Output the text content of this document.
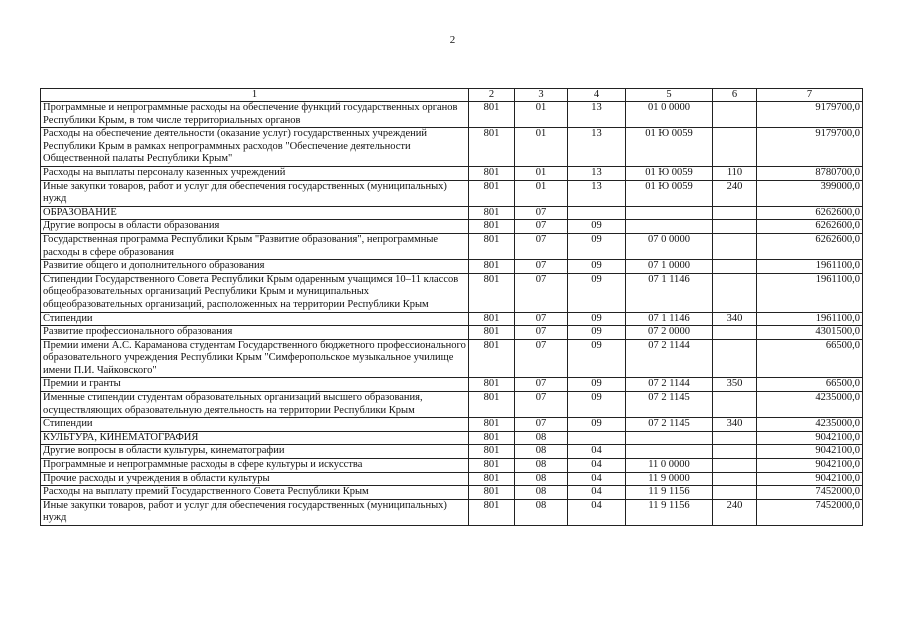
2
1	2	3	4	5	6	7
Программные и непрограммные расходы на обеспечение функций государственных органов Республики Крым, в том числе территориальных органов	801	01	13	01 0 0000		9179700,0
Расходы на обеспечение деятельности (оказание услуг) государственных учреждений Республики Крым в рамках непрограммных расходов "Обеспечение деятельности Общественной палаты Республики Крым"	801	01	13	01 Ю 0059		9179700,0
Расходы на выплаты персоналу казенных учреждений	801	01	13	01 Ю 0059	110	8780700,0
Иные закупки товаров, работ и услуг для обеспечения государственных (муниципальных) нужд	801	01	13	01 Ю 0059	240	399000,0
ОБРАЗОВАНИЕ	801	07				6262600,0
Другие вопросы в области образования	801	07	09			6262600,0
Государственная программа Республики Крым "Развитие образования", непрограммные расходы в сфере образования	801	07	09	07 0 0000		6262600,0
Развитие общего и дополнительного образования	801	07	09	07 1 0000		1961100,0
Стипендии Государственного Совета Республики Крым одаренным учащимся 10–11 классов общеобразовательных организаций Республики Крым и муниципальных общеобразовательных организаций, расположенных на территории Республики Крым	801	07	09	07 1 1146		1961100,0
Стипендии	801	07	09	07 1 1146	340	1961100,0
Развитие профессионального образования	801	07	09	07 2 0000		4301500,0
Премии имени А.С. Караманова студентам Государственного бюджетного профессионального образовательного учреждения Республики Крым "Симферопольское музыкальное училище имени П.И. Чайковского"	801	07	09	07 2 1144		66500,0
Премии и гранты	801	07	09	07 2 1144	350	66500,0
Именные стипендии студентам образовательных организаций высшего образования, осуществляющих образовательную деятельность на территории Республики Крым	801	07	09	07 2 1145		4235000,0
Стипендии	801	07	09	07 2 1145	340	4235000,0
КУЛЬТУРА, КИНЕМАТОГРАФИЯ	801	08				9042100,0
Другие вопросы в области культуры, кинематографии	801	08	04			9042100,0
Программные и непрограммные расходы в сфере культуры и искусства	801	08	04	11 0 0000		9042100,0
Прочие расходы и учреждения в области культуры	801	08	04	11 9 0000		9042100,0
Расходы на выплату премий Государственного Совета Республики Крым	801	08	04	11 9 1156		7452000,0
Иные закупки товаров, работ и услуг для обеспечения государственных (муниципальных) нужд	801	08	04	11 9 1156	240	7452000,0
